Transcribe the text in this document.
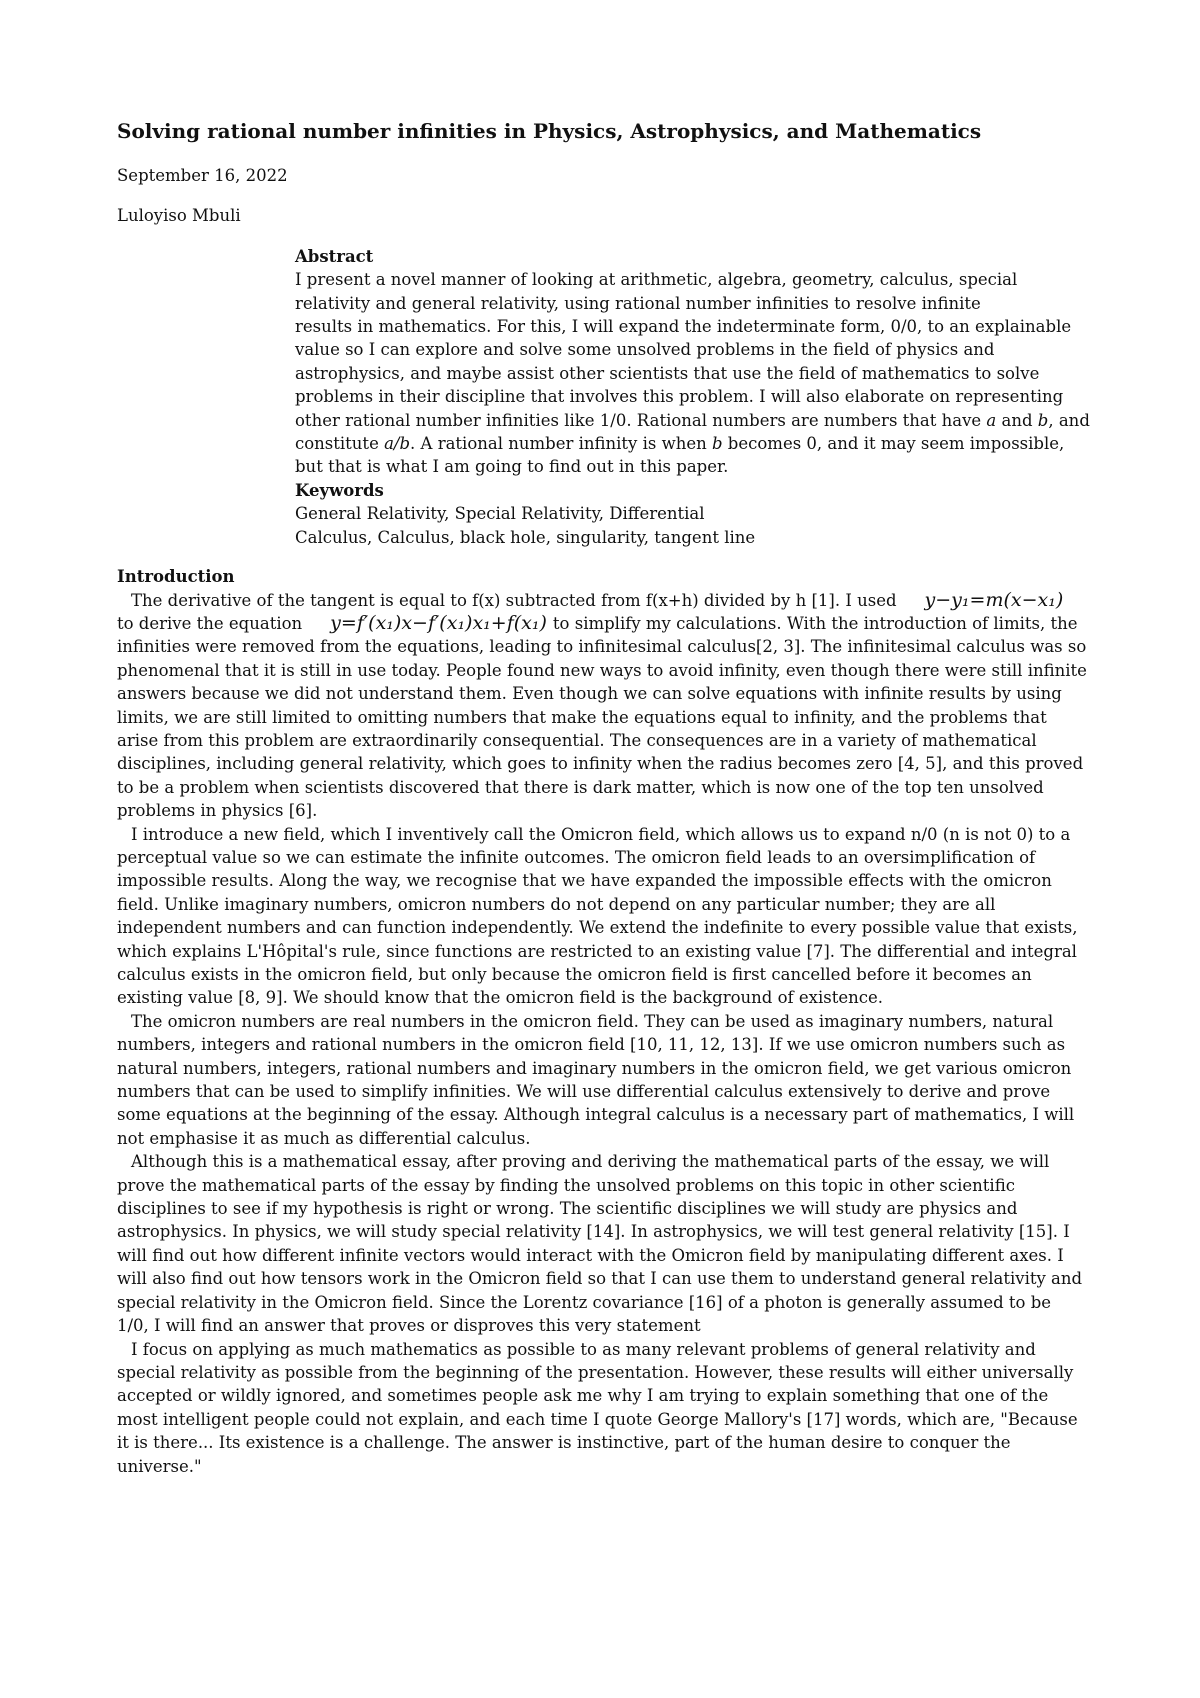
Solving rational number infinities in Physics, Astrophysics, and Mathematics

September 16, 2022

Luloyiso Mbuli

Abstract

I present a novel manner of looking at arithmetic, algebra, geometry, calculus, special relativity and general relativity, using rational number infinities to resolve infinite

results in mathematics. For this, I will expand the indeterminate form, 0/0, to an explainable value so I can explore and solve some unsolved problems in the field of physics and astrophysics, and maybe assist other scientists that use the field of mathematics to solve problems in their discipline that involves this problem. I will also elaborate on representing other rational number infinities like 1/0. Rational numbers are numbers that have a and b, and constitute a/b. A rational number infinity is when b becomes 0, and it may seem impossible, but that is what I am going to find out in this paper.

Keywords

General Relativity, Special Relativity, Differential

Calculus, Calculus, black hole, singularity, tangent line

Introduction

The derivative of the tangent is equal to f(x) subtracted from f(x+h) divided by h [1]. I used y−y₁=m(x−x₁)
to derive the equation y=f′(x₁)x−f′(x₁)x₁+f(x₁) to simplify my calculations. With the introduction of limits, the infinities were removed from the equations, leading to infinitesimal calculus[2, 3]. The infinitesimal calculus was so phenomenal that it is still in use today. People found new ways to avoid infinity, even though there were still infinite answers because we did not understand them. Even though we can solve equations with infinite results by using limits, we are still limited to omitting numbers that make the equations equal to infinity, and the problems that arise from this problem are extraordinarily consequential. The consequences are in a variety of mathematical disciplines, including general relativity, which goes to infinity when the radius becomes zero [4, 5], and this proved to be a problem when scientists discovered that there is dark matter, which is now one of the top ten unsolved problems in physics [6].

I introduce a new field, which I inventively call the Omicron field, which allows us to expand n/0 (n is not 0) to a perceptual value so we can estimate the infinite outcomes. The omicron field leads to an oversimplification of impossible results. Along the way, we recognise that we have expanded the impossible effects with the omicron field. Unlike imaginary numbers, omicron numbers do not depend on any particular number; they are all independent numbers and can function independently. We extend the indefinite to every possible value that exists, which explains L'Hôpital's rule, since functions are restricted to an existing value [7]. The differential and integral calculus exists in the omicron field, but only because the omicron field is first cancelled before it becomes an existing value [8, 9]. We should know that the omicron field is the background of existence.

The omicron numbers are real numbers in the omicron field. They can be used as imaginary numbers, natural numbers, integers and rational numbers in the omicron field [10, 11, 12, 13]. If we use omicron numbers such as natural numbers, integers, rational numbers and imaginary numbers in the omicron field, we get various omicron numbers that can be used to simplify infinities. We will use differential calculus extensively to derive and prove some equations at the beginning of the essay. Although integral calculus is a necessary part of mathematics, I will not emphasise it as much as differential calculus.

Although this is a mathematical essay, after proving and deriving the mathematical parts of the essay, we will prove the mathematical parts of the essay by finding the unsolved problems on this topic in other scientific disciplines to see if my hypothesis is right or wrong. The scientific disciplines we will study are physics and astrophysics. In physics, we will study special relativity [14]. In astrophysics, we will test general relativity [15]. I will find out how different infinite vectors would interact with the Omicron field by manipulating different axes. I will also find out how tensors work in the Omicron field so that I can use them to understand general relativity and special relativity in the Omicron field. Since the Lorentz covariance [16] of a photon is generally assumed to be 1/0, I will find an answer that proves or disproves this very statement

I focus on applying as much mathematics as possible to as many relevant problems of general relativity and special relativity as possible from the beginning of the presentation. However, these results will either universally accepted or wildly ignored, and sometimes people ask me why I am trying to explain something that one of the most intelligent people could not explain, and each time I quote George Mallory's [17] words, which are, "Because it is there... Its existence is a challenge. The answer is instinctive, part of the human desire to conquer the universe."
